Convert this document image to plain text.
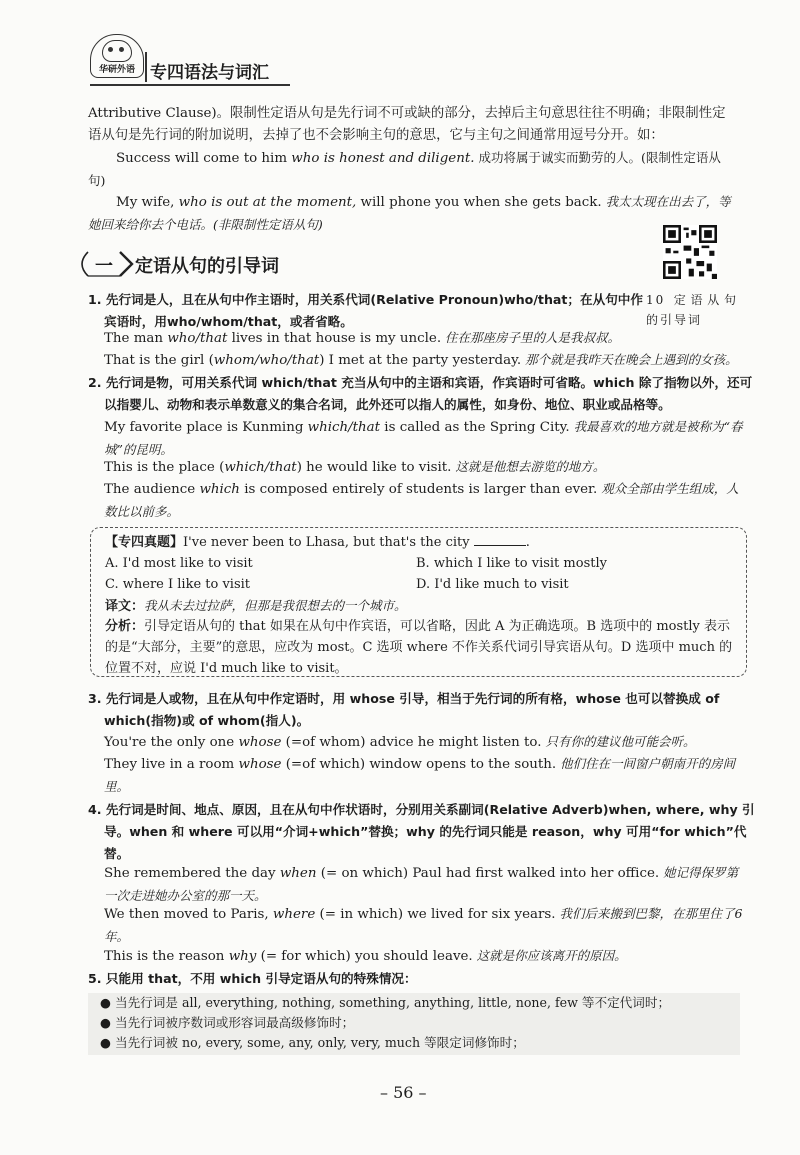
华研外语 专四语法与词汇

Attributive Clause)。限制性定语从句是先行词不可或缺的部分，去掉后主句意思往往不明确；非限制性定语从句是先行词的附加说明，去掉了也不会影响主句的意思，它与主句之间通常用逗号分开。如：

Success will come to him who is honest and diligent. 成功将属于诚实而勤劳的人。(限制性定语从句)

My wife, who is out at the moment, will phone you when she gets back. 我太太现在出去了，等她回来给你去个电话。(非限制性定语从句)

一 定语从句的引导词
10 定语从句的引导词

1. 先行词是人，且在从句中作主语时，用关系代词(Relative Pronoun)who/that；在从句中作宾语时，用who/whom/that，或者省略。

The man who/that lives in that house is my uncle. 住在那座房子里的人是我叔叔。

That is the girl (whom/who/that) I met at the party yesterday. 那个就是我昨天在晚会上遇到的女孩。

2. 先行词是物，可用关系代词 which/that 充当从句中的主语和宾语，作宾语时可省略。which 除了指物以外，还可以指婴儿、动物和表示单数意义的集合名词，此外还可以指人的属性，如身份、地位、职业或品格等。

My favorite place is Kunming which/that is called as the Spring City. 我最喜欢的地方就是被称为“春城”的昆明。

This is the place (which/that) he would like to visit. 这就是他想去游览的地方。

The audience which is composed entirely of students is larger than ever. 观众全部由学生组成，人数比以前多。

【专四真题】I've never been to Lhasa, but that's the city	.
A. I'd most like to visit	B. which I like to visit mostly
C. where I like to visit	D. I'd like much to visit
译文：我从未去过拉萨，但那是我很想去的一个城市。
分析：引导定语从句的 that 如果在从句中作宾语，可以省略，因此 A 为正确选项。B 选项中的 mostly 表示的是“大部分，主要”的意思，应改为 most。C 选项 where 不作关系代词引导宾语从句。D 选项中 much 的位置不对，应说 I'd much like to visit。

3. 先行词是人或物，且在从句中作定语时，用 whose 引导，相当于先行词的所有格，whose 也可以替换成 of which(指物)或 of whom(指人)。

You're the only one whose (=of whom) advice he might listen to. 只有你的建议他可能会听。

They live in a room whose (=of which) window opens to the south. 他们住在一间窗户朝南开的房间里。

4. 先行词是时间、地点、原因，且在从句中作状语时，分别用关系副词(Relative Adverb)when, where, why 引导。when 和 where 可以用“介词+which”替换；why 的先行词只能是 reason，why 可用“for which”代替。

She remembered the day when (= on which) Paul had first walked into her office. 她记得保罗第一次走进她办公室的那一天。

We then moved to Paris, where (= in which) we lived for six years. 我们后来搬到巴黎，在那里住了6年。

This is the reason why (= for which) you should leave. 这就是你应该离开的原因。

5. 只能用 that，不用 which 引导定语从句的特殊情况：

● 当先行词是 all, everything, nothing, something, anything, little, none, few 等不定代词时；

● 当先行词被序数词或形容词最高级修饰时；

● 当先行词被 no, every, some, any, only, very, much 等限定词修饰时；

– 56 –
